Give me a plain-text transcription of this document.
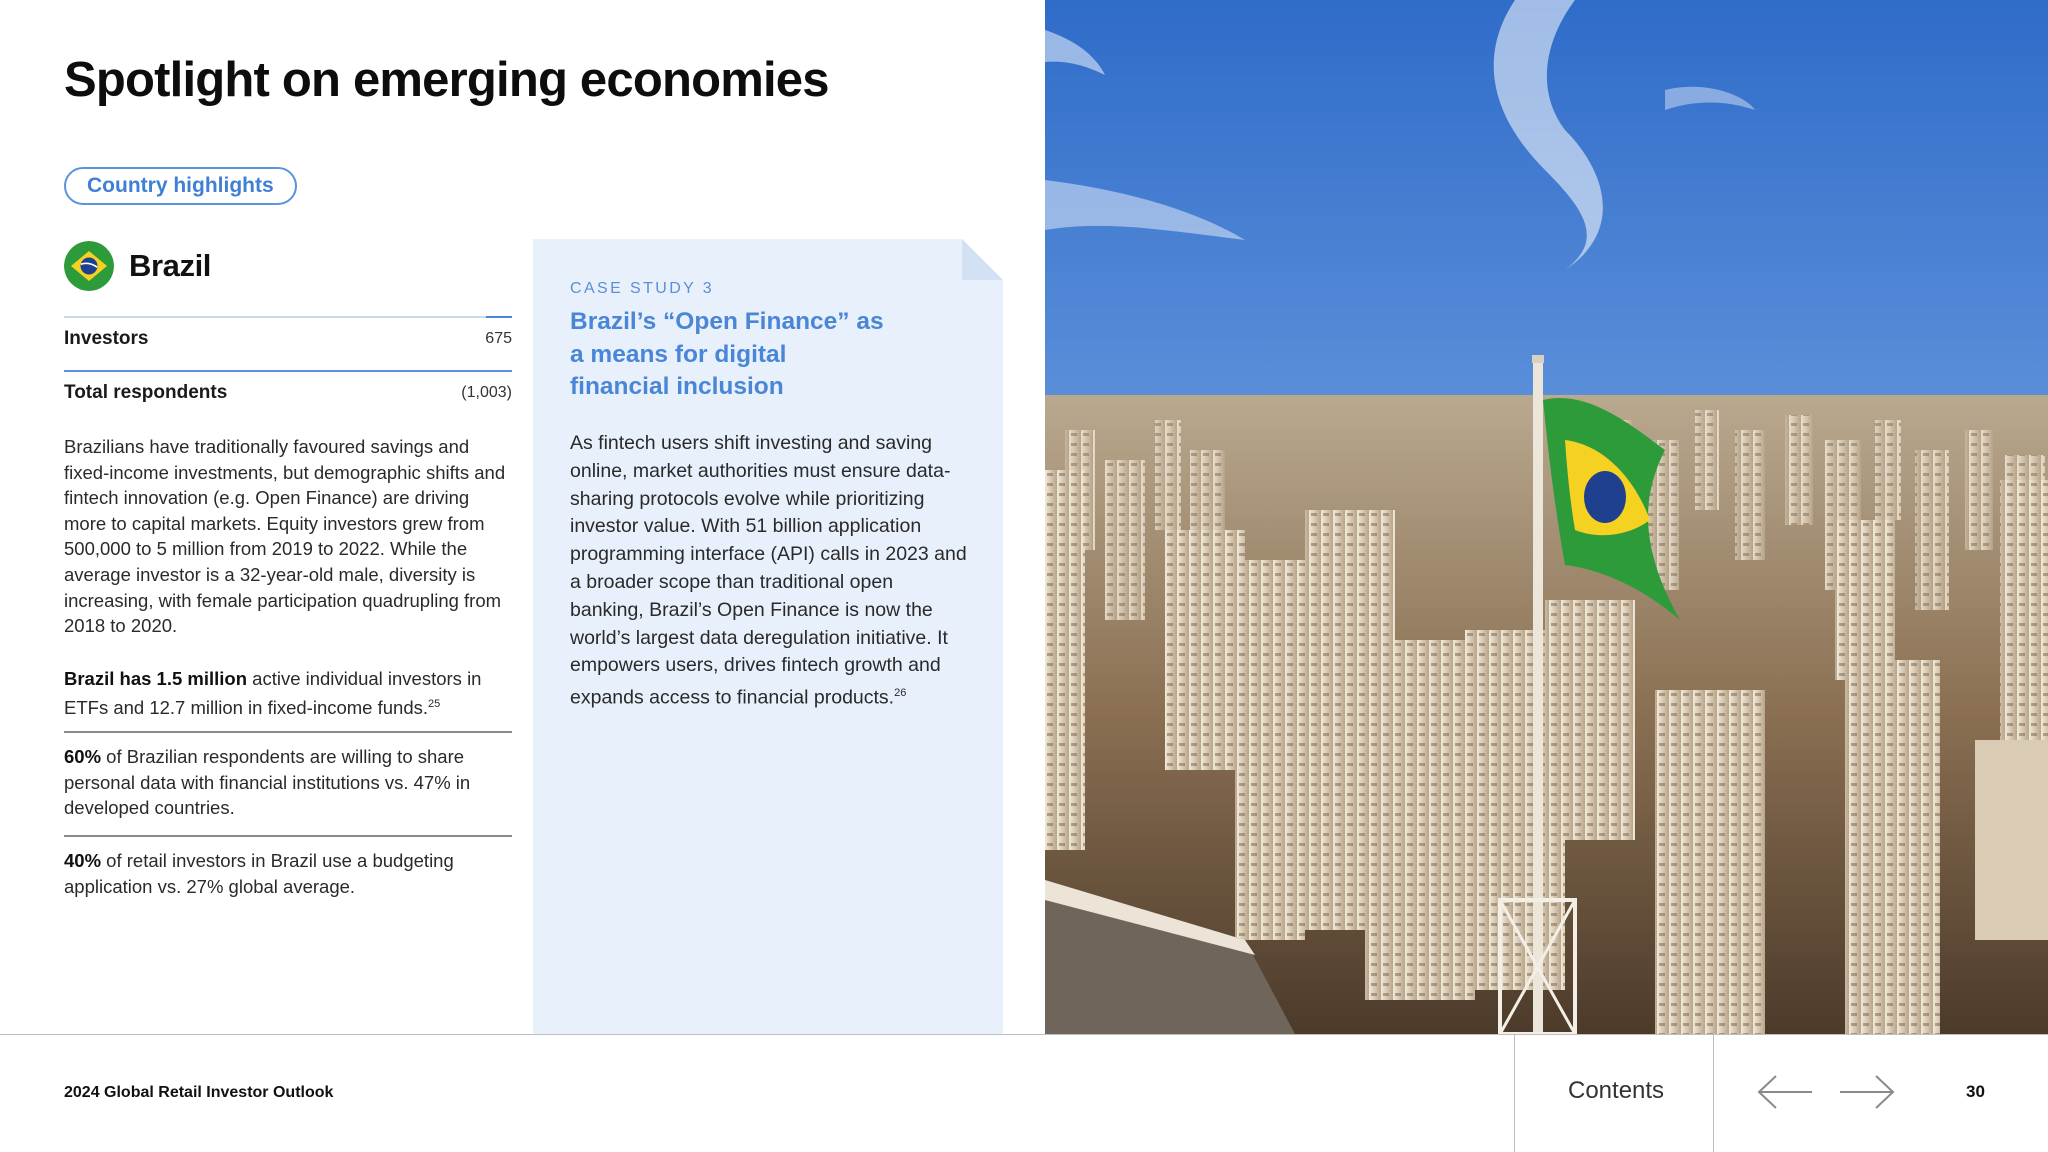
Spotlight on emerging economies
Country highlights
Brazil
Investors	675
Total respondents	(1,003)

Brazilians have traditionally favoured savings and fixed-income investments, but demographic shifts and fintech innovation (e.g. Open Finance) are driving more to capital markets. Equity investors grew from 500,000 to 5 million from 2019 to 2022. While the average investor is a 32-year-old male, diversity is increasing, with female participation quadrupling from 2018 to 2020.

Brazil has 1.5 million active individual investors in ETFs and 12.7 million in fixed-income funds.$^{25}$

60% of Brazilian respondents are willing to share personal data with financial institutions vs. 47% in developed countries.
40% of retail investors in Brazil use a budgeting application vs. 27% global average.
CASE STUDY 3
Brazil’s “Open Finance” as a means for digital financial inclusion

As fintech users shift investing and saving online, market authorities must ensure data-sharing protocols evolve while prioritizing investor value. With 51 billion application programming interface (API) calls in 2023 and a broader scope than traditional open banking, Brazil’s Open Finance is now the world’s largest data deregulation initiative. It empowers users, drives fintech growth and expands access to financial products.$^{26}$

2024 Global Retail Investor Outlook	Contents	30
